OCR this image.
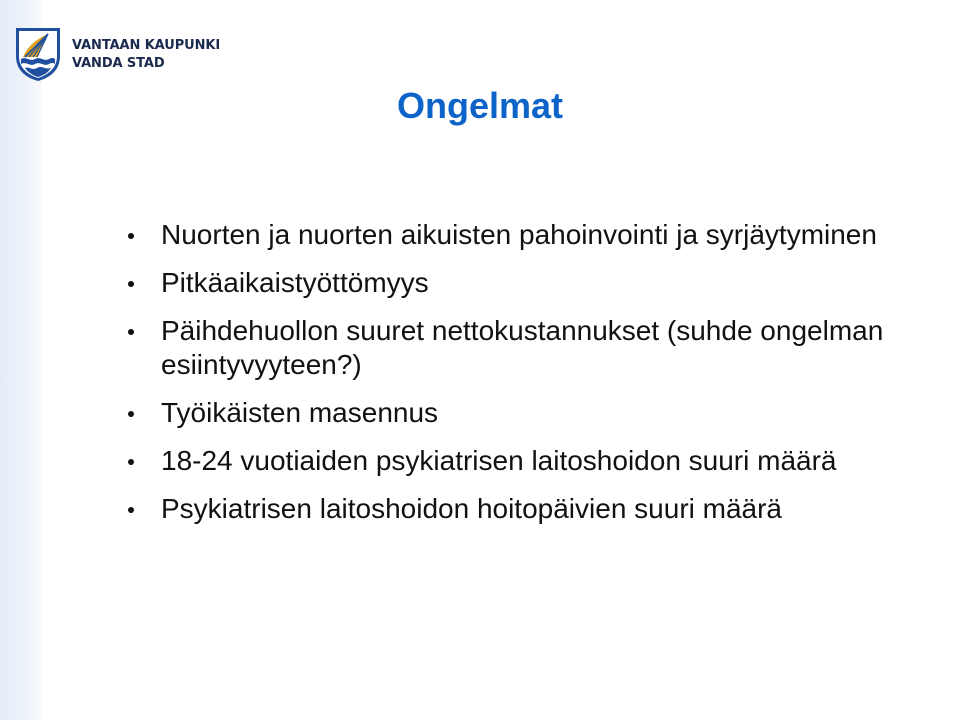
VANTAAN KAUPUNKI
VANDA STAD
Ongelmat
Nuorten ja nuorten aikuisten pahoinvointi ja syrjäytyminen
Pitkäaikaistyöttömyys
Päihdehuollon suuret nettokustannukset (suhde ongelman esiintyvyyteen?)
Työikäisten masennus
18-24 vuotiaiden psykiatrisen laitoshoidon suuri määrä
Psykiatrisen laitoshoidon hoitopäivien suuri määrä
